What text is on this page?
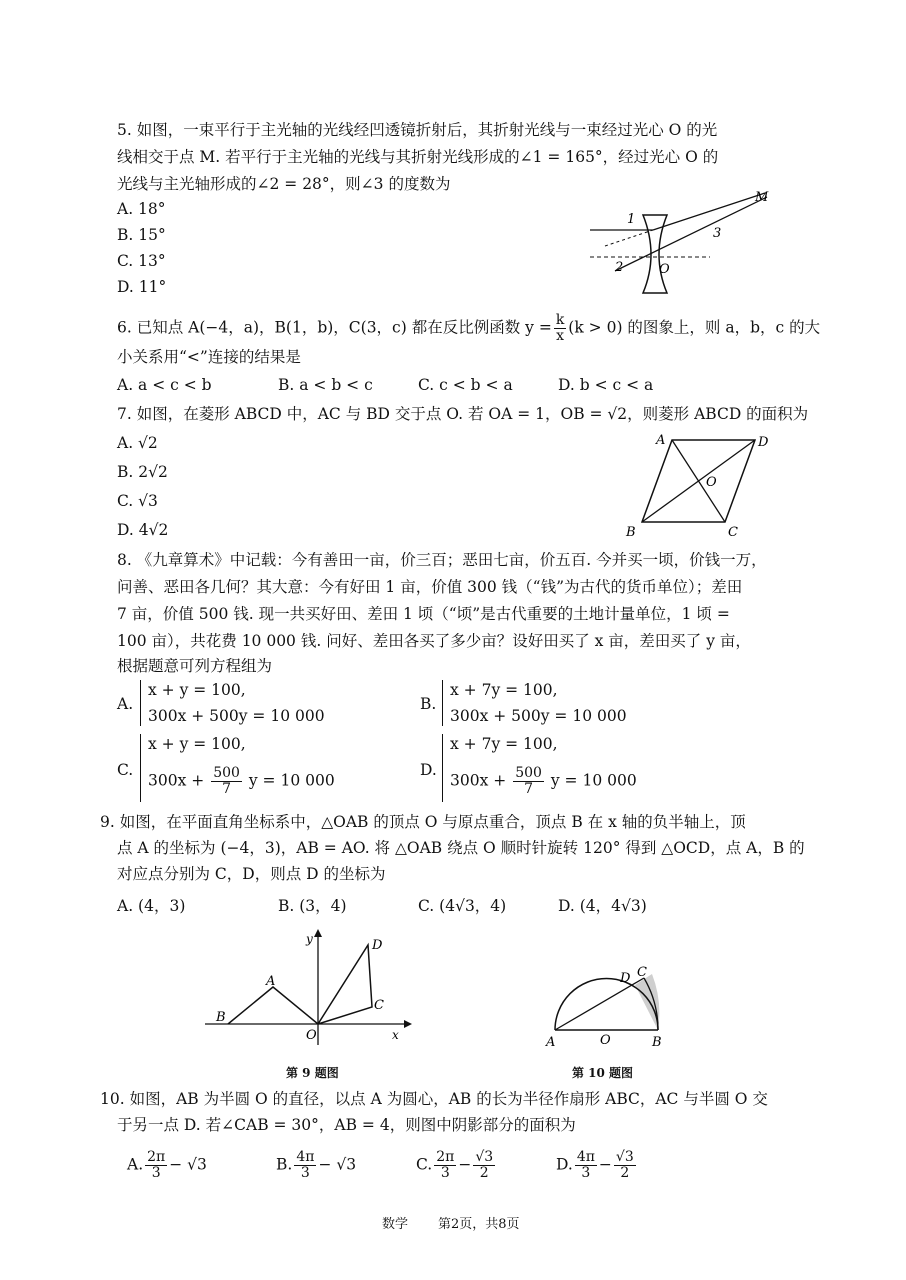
5. 如图，一束平行于主光轴的光线经凹透镜折射后，其折射光线与一束经过光心 O 的光
线相交于点 M. 若平行于主光轴的光线与其折射光线形成的∠1 = 165°，经过光心 O 的
光线与主光轴形成的∠2 = 28°，则∠3 的度数为
A. 18°
B. 15°
C. 13°
D. 11°
1
2
3
M
O
6. 已知点 A(−4，a)，B(1，b)，C(3，c) 都在反比例函数 $y = \frac{k}{x} (k > 0)$ 的图象上，则 a，b，c 的大
小关系用“<”连接的结果是
A. a < c < b	B. a < b < c	C. c < b < a	D. b < c < a
7. 如图，在菱形 ABCD 中，AC 与 BD 交于点 O. 若 OA = 1，OB = √2，则菱形 ABCD 的面积为
A. √2
B. 2√2
C. √3
D. 4√2
A	D
B	C
O
8. 《九章算术》中记载：今有善田一亩，价三百；恶田七亩，价五百. 今并买一顷，价钱一万，
问善、恶田各几何？其大意：今有好田 1 亩，价值 300 钱（“钱”为古代的货币单位）；差田
7 亩，价值 500 钱. 现一共买好田、差田 1 顷（“顷”是古代重要的土地计量单位，1 顷 =
100 亩），共花费 10 000 钱. 问好、差田各买了多少亩？设好田买了 x 亩，差田买了 y 亩，
根据题意可列方程组为
A.
x + y = 100,
300x + 500y = 10 000
B.
x + 7y = 100,
300x + 500y = 10 000
C.
x + y = 100,
$300x + \frac{500}{7}$ y = 10 000
D.
x + 7y = 100,
$300x + \frac{500}{7}$ y = 10 000
9. 如图，在平面直角坐标系中，△OAB 的顶点 O 与原点重合，顶点 B 在 x 轴的负半轴上，顶
点 A 的坐标为 (−4，3)，AB = AO. 将 △OAB 绕点 O 顺时针旋转 120° 得到 △OCD，点 A，B 的
对应点分别为 C，D，则点 D 的坐标为
A. (4，3)	B. (3，4)	C. (4√3，4)	D. (4，4√3)
y
x
A
B
D
C
O
第 9 题图
A	O	B
D C
第 10 题图
10. 如图，AB 为半圆 O 的直径，以点 A 为圆心，AB 的长为半径作扇形 ABC，AC 与半圆 O 交
于另一点 D. 若∠CAB = 30°，AB = 4，则图中阴影部分的面积为
A. $\frac{2\pi}{3} - √3$	B. $\frac{4\pi}{3} - √3$	C. $\frac{2\pi}{3} - \frac{√3}{2}$	D. $\frac{4\pi}{3} - \frac{√3}{2}$
数学 第2页，共8页
